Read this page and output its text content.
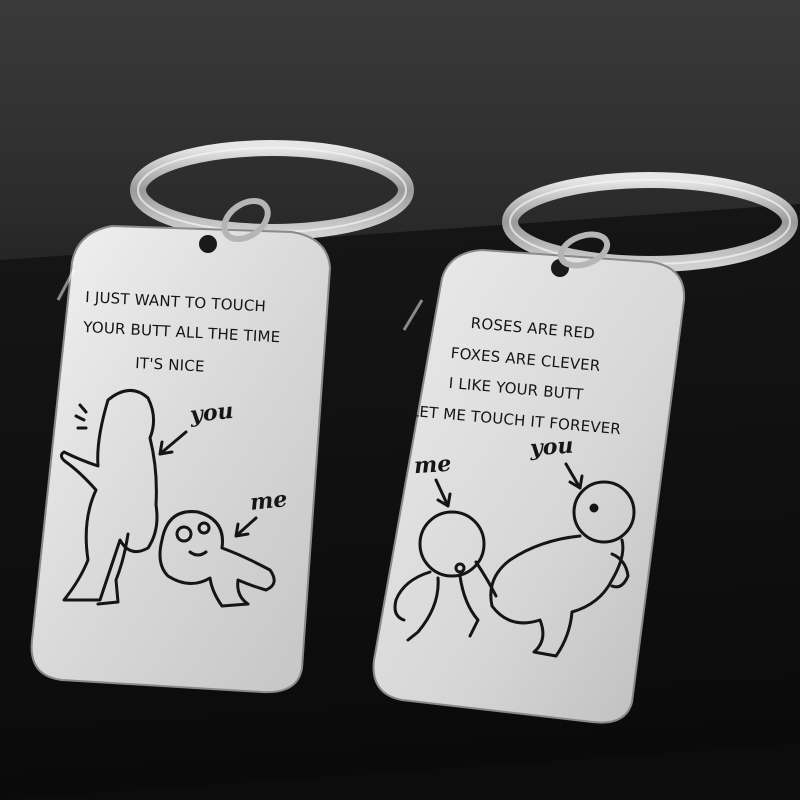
I JUST WANT TO TOUCH
YOUR BUTT ALL THE TIME
IT'S NICE
you
me
ROSES ARE RED
FOXES ARE CLEVER
I LIKE YOUR BUTT
LET ME TOUCH IT FOREVER
you
me
